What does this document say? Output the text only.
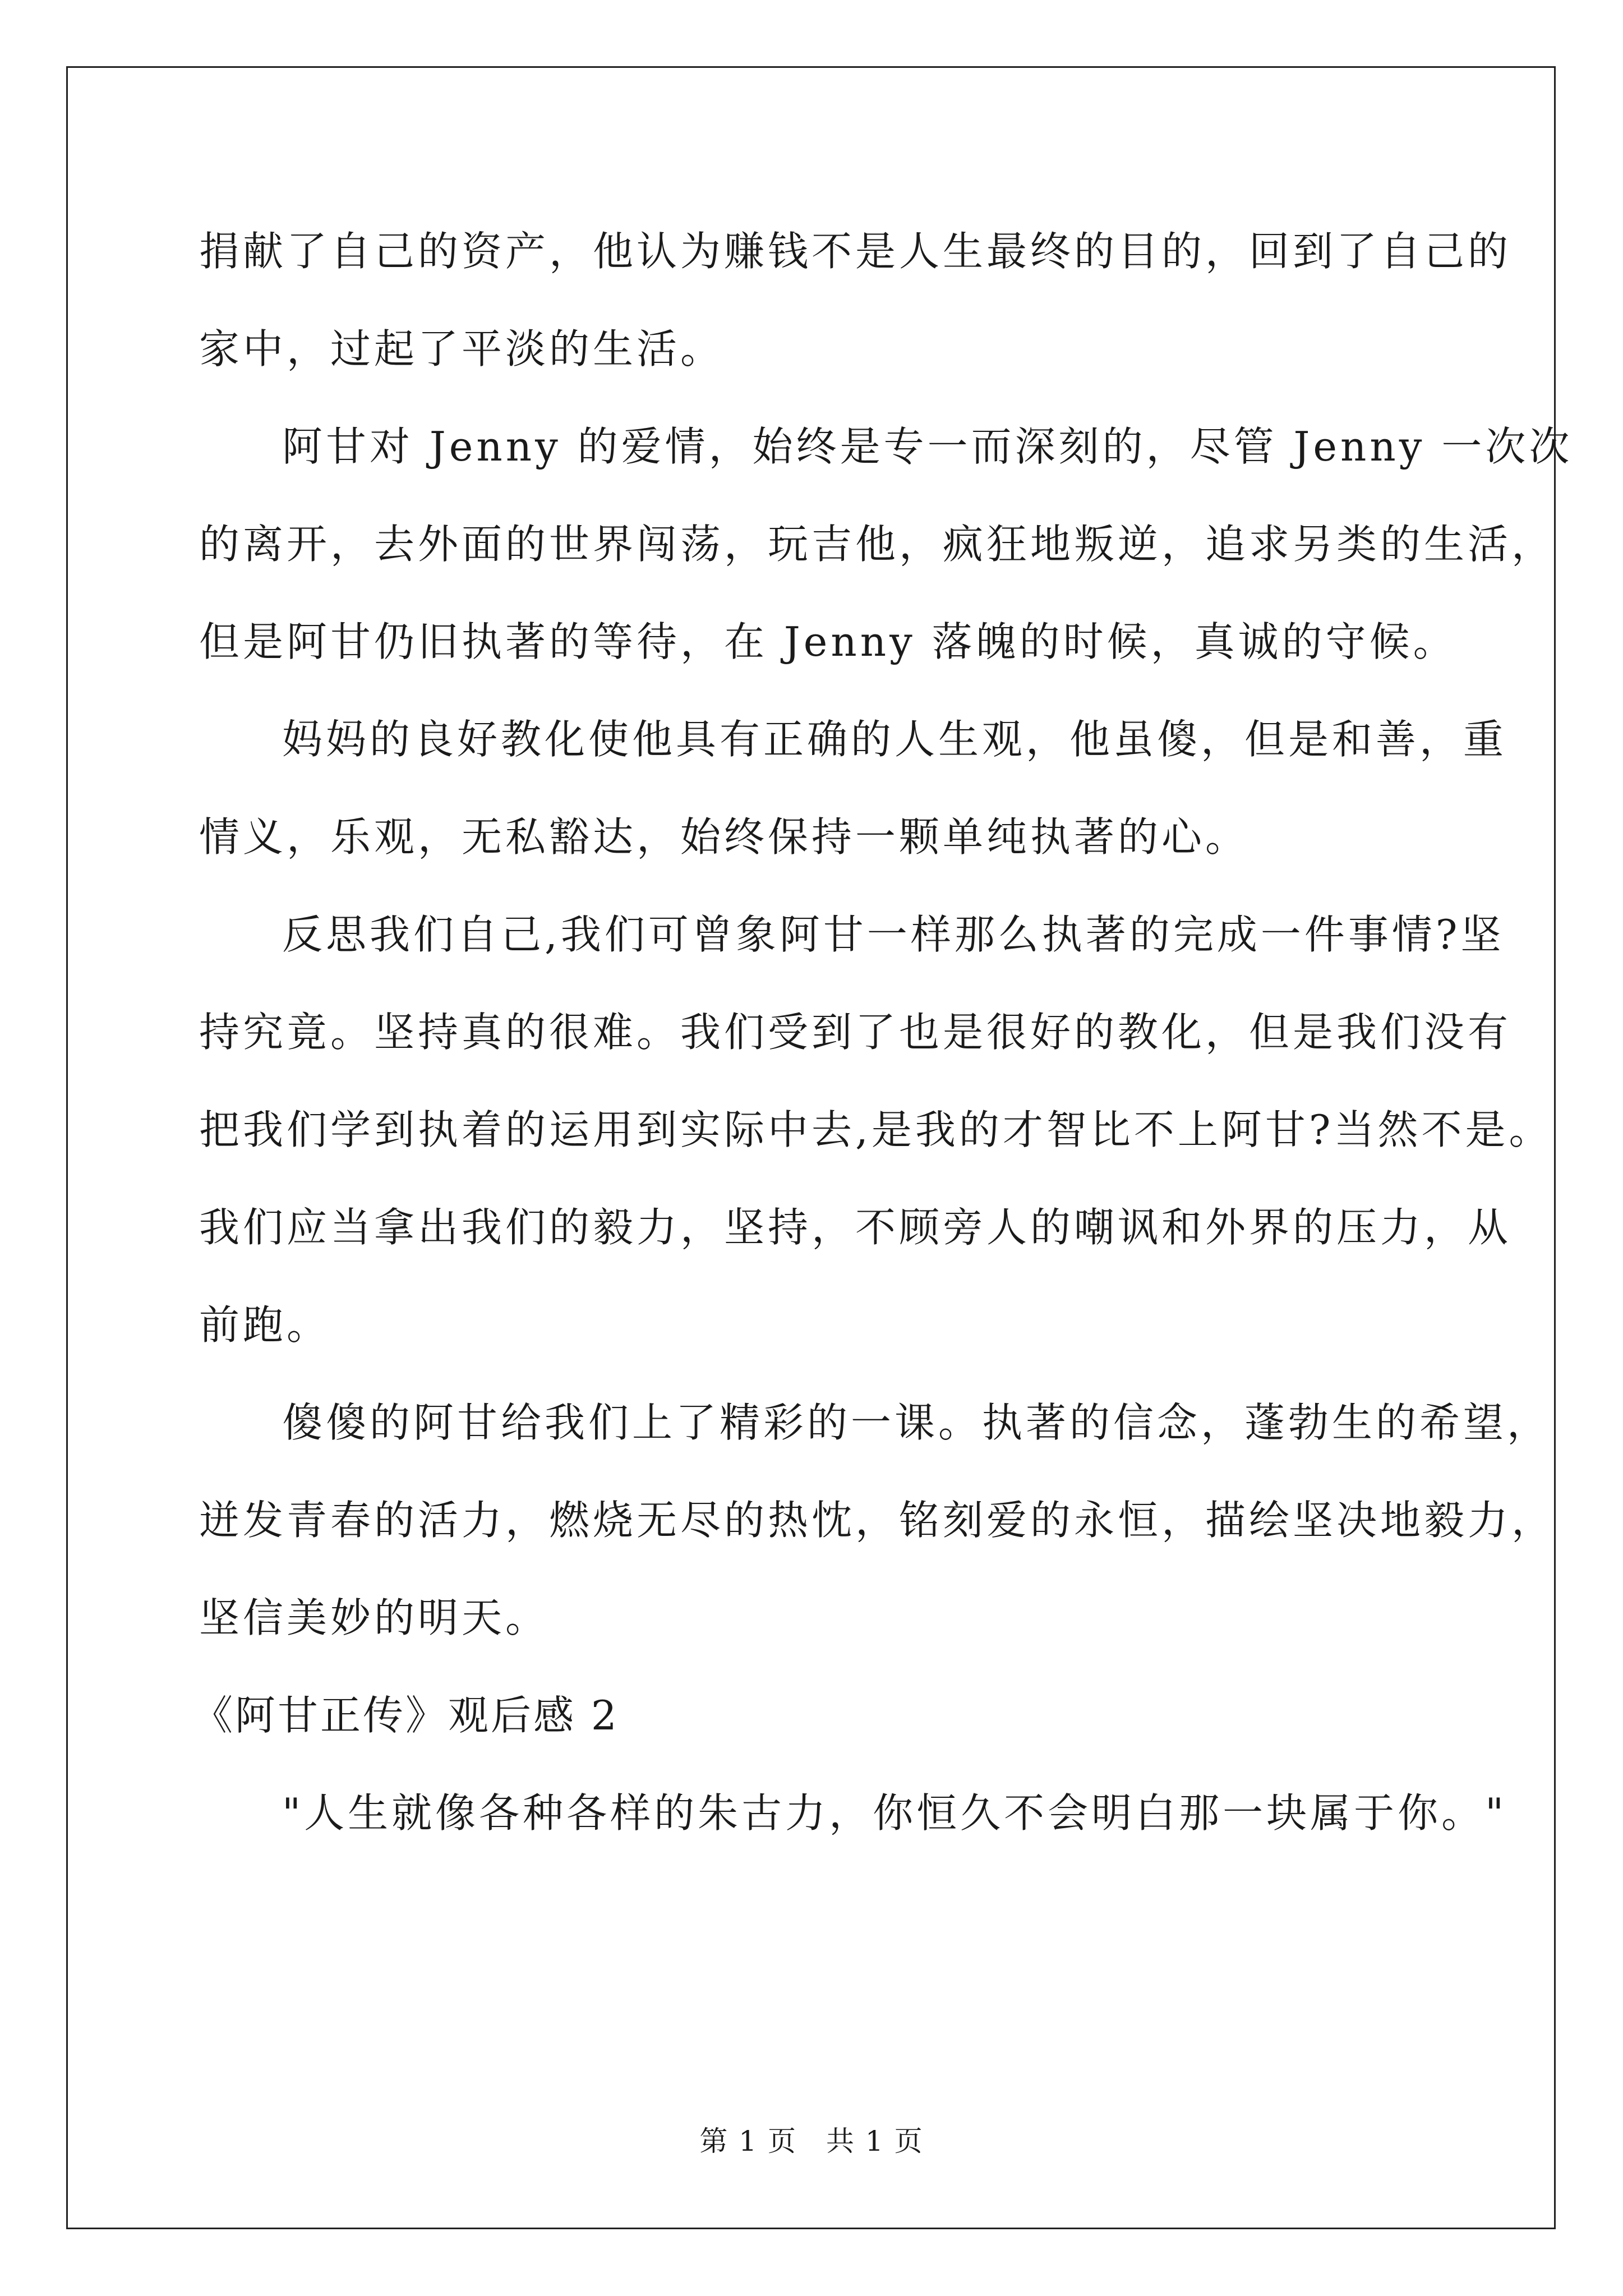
捐献了自己的资产，他认为赚钱不是人生最终的目的，回到了自己的
家中，过起了平淡的生活。
阿甘对 Jenny 的爱情，始终是专一而深刻的，尽管 Jenny 一次次
的离开，去外面的世界闯荡，玩吉他，疯狂地叛逆，追求另类的生活，
但是阿甘仍旧执著的等待，在 Jenny 落魄的时候，真诚的守候。
妈妈的良好教化使他具有正确的人生观，他虽傻，但是和善，重
情义，乐观，无私豁达，始终保持一颗单纯执著的心。
反思我们自己,我们可曾象阿甘一样那么执著的完成一件事情?坚
持究竟。坚持真的很难。我们受到了也是很好的教化，但是我们没有
把我们学到执着的运用到实际中去,是我的才智比不上阿甘?当然不是。
我们应当拿出我们的毅力，坚持，不顾旁人的嘲讽和外界的压力，从
前跑。
傻傻的阿甘给我们上了精彩的一课。执著的信念，蓬勃生的希望，
迸发青春的活力，燃烧无尽的热忱，铭刻爱的永恒，描绘坚决地毅力，
坚信美妙的明天。
《阿甘正传》观后感 2
"人生就像各种各样的朱古力，你恒久不会明白那一块属于你。"
第 1 页　共 1 页
